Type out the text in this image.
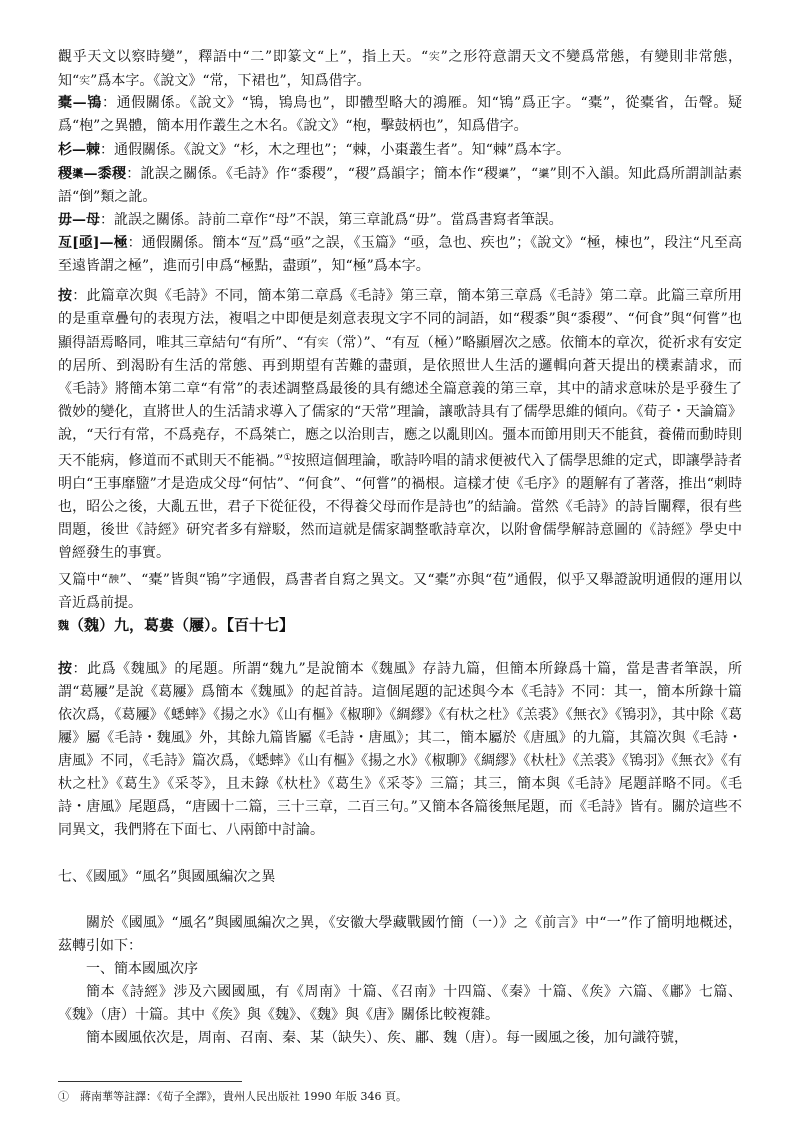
觀乎天文以察時變”，釋語中“二”即篆文“上”，指上天。“𡧦”之形符意謂天文不變爲常態，有變則非常態，知“𡧦”爲本字。《說文》“常，下裙也”，知爲借字。
橐—鴇：通假關係。《說文》“鴇，鴇鳥也”，即體型略大的鴻雁。知“鴇”爲正字。“橐”，從橐省，缶聲。疑爲“枹”之異體，簡本用作叢生之木名。《說文》“枹，擊鼓柄也”，知爲借字。
杉—棘：通假關係。《說文》“杉，木之理也”；“棘，小棗叢生者”。知“棘”爲本字。
稷䆃—黍稷：訛誤之關係。《毛詩》作“黍稷”，“稷”爲韻字；簡本作“稷䆃”，“䆃”則不入韻。知此爲所謂訓詁素語“倒”類之訛。
毋—母：訛誤之關係。詩前二章作“母”不誤，第三章訛爲“毋”。當爲書寫者筆誤。
亙[亟]—極：通假關係。簡本“亙”爲“亟”之誤，《玉篇》“亟，急也、疾也”；《說文》“極，棟也”，段注“凡至高至遠皆謂之極”，進而引申爲“極點，盡頭”，知“極”爲本字。
按：此篇章次與《毛詩》不同，簡本第二章爲《毛詩》第三章，簡本第三章爲《毛詩》第二章。此篇三章所用的是重章疊句的表現方法，複唱之中即便是刻意表現文字不同的詞語，如“稷黍”與“黍稷”、“何食”與“何嘗”也顯得語焉略同，唯其三章結句“有所”、“有𡧦（常）”、“有亙（極）”略顯層次之感。依簡本的章次，從祈求有安定的居所、到渴盼有生活的常態、再到期望有苦難的盡頭，是依照世人生活的邏輯向蒼天提出的樸素請求，而《毛詩》將簡本第二章“有常”的表述調整爲最後的具有總述全篇意義的第三章，其中的請求意味於是乎發生了微妙的變化，直將世人的生活請求導入了儒家的“天常”理論，讓歌詩具有了儒學思維的傾向。《荀子・天論篇》說，“天行有常，不爲堯存，不爲桀亡，應之以治則吉，應之以亂則凶。彊本而節用則天不能貧，養備而動時則天不能病，修道而不貳則天不能禍。”①按照這個理論，歌詩吟唱的請求便被代入了儒學思維的定式，即讓學詩者明白“王事靡盬”才是造成父母“何怙”、“何食”、“何嘗”的禍根。這樣才使《毛序》的題解有了著落，推出“刺時也，昭公之後，大亂五世，君子下從征役，不得養父母而作是詩也”的結論。當然《毛詩》的詩旨闡釋，很有些問題，後世《詩經》研究者多有辯駁，然而這就是儒家調整歌詩章次，以附會儒學解詩意圖的《詩經》學史中曾經發生的事實。
又篇中“𩡃”、“橐”皆與“鴇”字通假，爲書者自寫之異文。又“橐”亦與“苞”通假，似乎又舉證說明通假的運用以音近爲前提。
魏（魏）九，葛婁（屨）。【百十七】
按：此爲《魏風》的尾題。所謂“魏九”是說簡本《魏風》存詩九篇，但簡本所錄爲十篇，當是書者筆誤，所謂“葛屨”是說《葛屨》爲簡本《魏風》的起首詩。這個尾題的記述與今本《毛詩》不同：其一，簡本所錄十篇依次爲，《葛屨》《蟋蟀》《揚之水》《山有樞》《椒聊》《綢繆》《有杕之杜》《羔裘》《無衣》《鴇羽》，其中除《葛屨》屬《毛詩・魏風》外，其餘九篇皆屬《毛詩・唐風》；其二，簡本屬於《唐風》的九篇，其篇次與《毛詩・唐風》不同，《毛詩》篇次爲，《蟋蟀》《山有樞》《揚之水》《椒聊》《綢繆》《杕杜》《羔裘》《鴇羽》《無衣》《有杕之杜》《葛生》《采苓》，且未錄《杕杜》《葛生》《采苓》三篇；其三，簡本與《毛詩》尾題詳略不同。《毛詩・唐風》尾題爲，“唐國十二篇，三十三章，二百三句。”又簡本各篇後無尾題，而《毛詩》皆有。關於這些不同異文，我們將在下面七、八兩節中討論。
七、《國風》“風名”與國風編次之異
關於《國風》“風名”與國風編次之異，《安徽大學藏戰國竹簡（一）》之《前言》中“一”作了簡明地概述，茲轉引如下：
一、簡本國風次序
簡本《詩經》涉及六國國風，有《周南》十篇、《召南》十四篇、《秦》十篇、《矦》六篇、《鄘》七篇、《魏》（唐）十篇。其中《矦》與《魏》、《魏》與《唐》關係比較複雜。
簡本國風依次是，周南、召南、秦、某（缺失）、矦、鄘、魏（唐）。每一國風之後，加句識符號，
①　蔣南華等註譯：《荀子全譯》，貴州人民出版社 1990 年版 346 頁。
